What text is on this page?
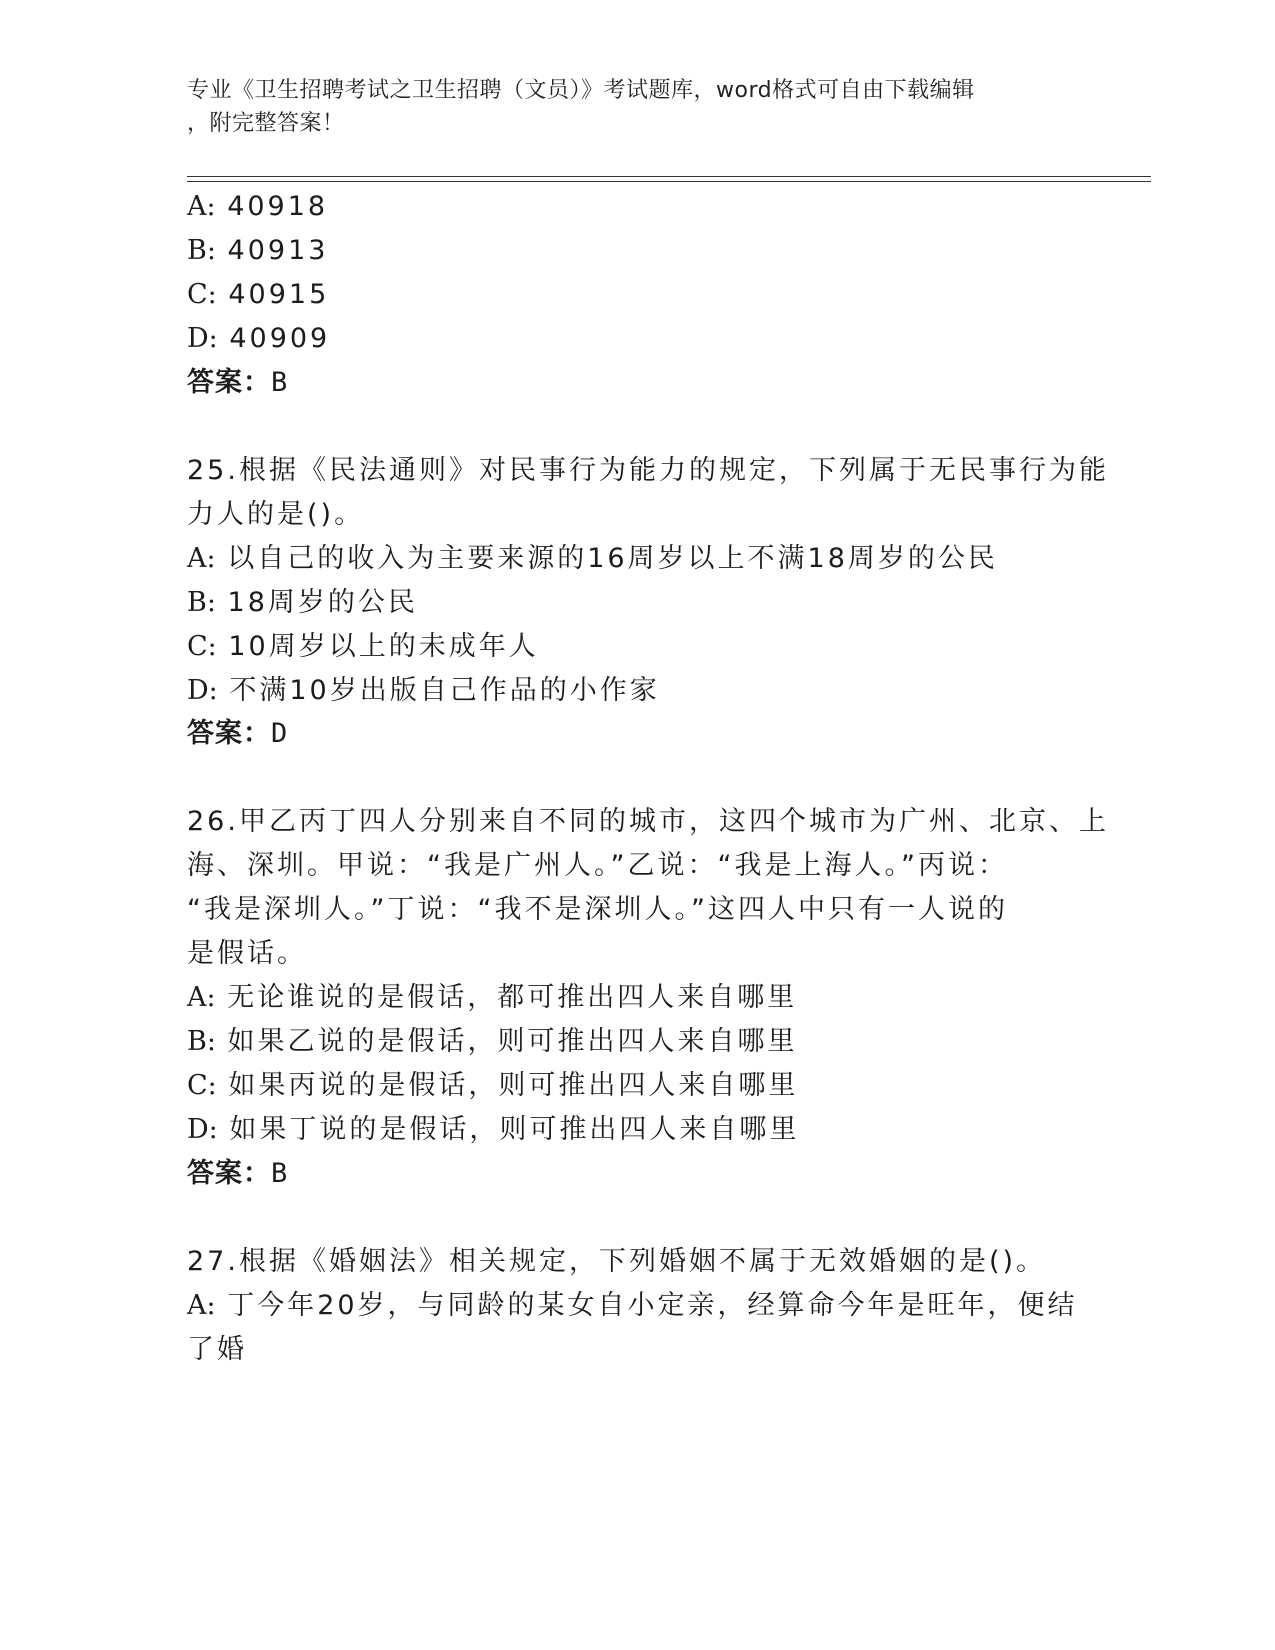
专业《卫生招聘考试之卫生招聘（文员）》考试题库，word格式可自由下载编辑
，附完整答案！
A: 40918
B: 40913
C: 40915
D: 40909
答案：B
25.根据《民法通则》对民事行为能力的规定，下列属于无民事行为能
力人的是()。
A: 以自己的收入为主要来源的16周岁以上不满18周岁的公民
B: 18周岁的公民
C: 10周岁以上的未成年人
D: 不满10岁出版自己作品的小作家
答案：D
26.甲乙丙丁四人分别来自不同的城市，这四个城市为广州、北京、上
海、深圳。甲说：“我是广州人。”乙说：“我是上海人。”丙说：
“我是深圳人。”丁说：“我不是深圳人。”这四人中只有一人说的
是假话。
A: 无论谁说的是假话，都可推出四人来自哪里
B: 如果乙说的是假话，则可推出四人来自哪里
C: 如果丙说的是假话，则可推出四人来自哪里
D: 如果丁说的是假话，则可推出四人来自哪里
答案：B
27.根据《婚姻法》相关规定，下列婚姻不属于无效婚姻的是()。
A: 丁今年20岁，与同龄的某女自小定亲，经算命今年是旺年，便结
了婚
